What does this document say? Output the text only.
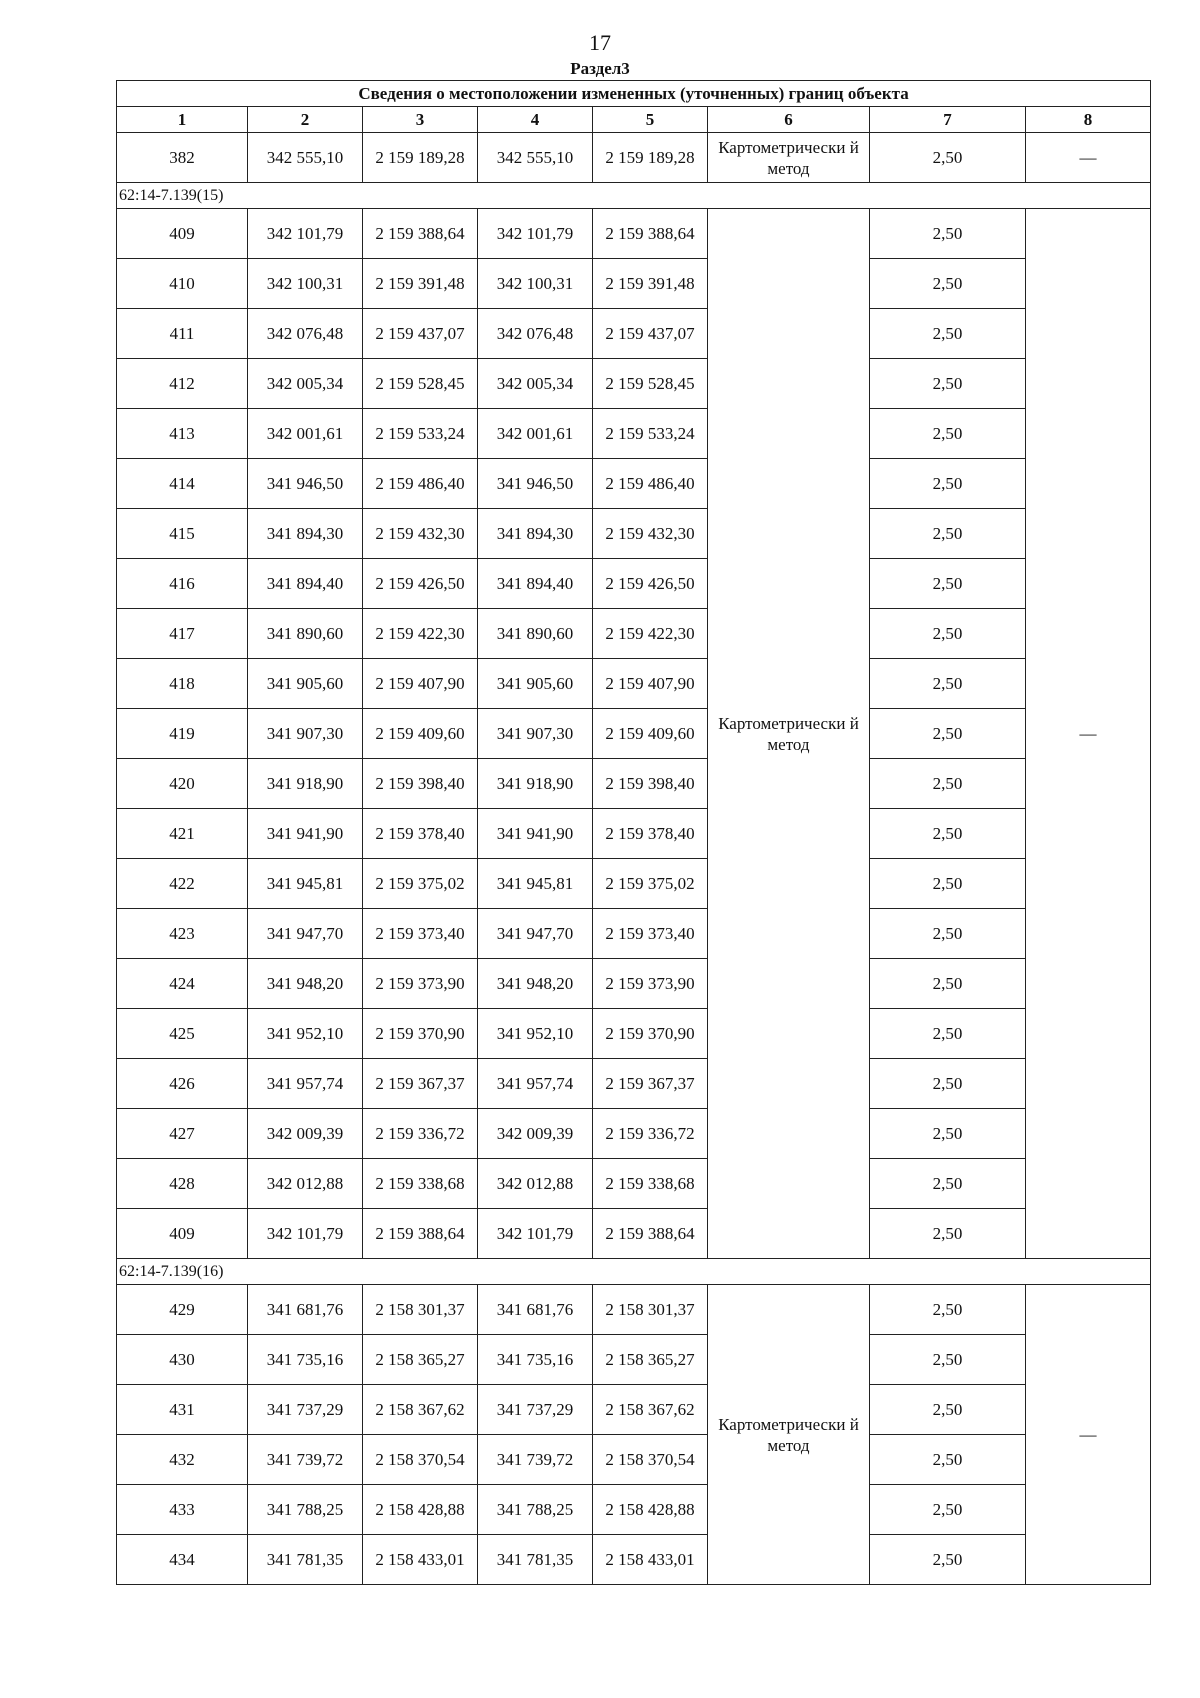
17
Раздел3
Сведения о местоположении измененных (уточненных) границ объекта							
1	2	3	4	5	6	7	8
382	342 555,10	2 159 189,28	342 555,10	2 159 189,28	Картометрически й метод	2,50	—
62:14-7.139(15)							
409	342 101,79	2 159 388,64	342 101,79	2 159 388,64	Картометрически й метод	2,50	—
410	342 100,31	2 159 391,48	342 100,31	2 159 391,48		2,50	
411	342 076,48	2 159 437,07	342 076,48	2 159 437,07		2,50	
412	342 005,34	2 159 528,45	342 005,34	2 159 528,45		2,50	
413	342 001,61	2 159 533,24	342 001,61	2 159 533,24		2,50	
414	341 946,50	2 159 486,40	341 946,50	2 159 486,40		2,50	
415	341 894,30	2 159 432,30	341 894,30	2 159 432,30		2,50	
416	341 894,40	2 159 426,50	341 894,40	2 159 426,50		2,50	
417	341 890,60	2 159 422,30	341 890,60	2 159 422,30		2,50	
418	341 905,60	2 159 407,90	341 905,60	2 159 407,90		2,50	
419	341 907,30	2 159 409,60	341 907,30	2 159 409,60		2,50	
420	341 918,90	2 159 398,40	341 918,90	2 159 398,40		2,50	
421	341 941,90	2 159 378,40	341 941,90	2 159 378,40		2,50	
422	341 945,81	2 159 375,02	341 945,81	2 159 375,02		2,50	
423	341 947,70	2 159 373,40	341 947,70	2 159 373,40		2,50	
424	341 948,20	2 159 373,90	341 948,20	2 159 373,90		2,50	
425	341 952,10	2 159 370,90	341 952,10	2 159 370,90		2,50	
426	341 957,74	2 159 367,37	341 957,74	2 159 367,37		2,50	
427	342 009,39	2 159 336,72	342 009,39	2 159 336,72		2,50	
428	342 012,88	2 159 338,68	342 012,88	2 159 338,68		2,50	
409	342 101,79	2 159 388,64	342 101,79	2 159 388,64		2,50	
62:14-7.139(16)							
429	341 681,76	2 158 301,37	341 681,76	2 158 301,37	Картометрически й метод	2,50	—
430	341 735,16	2 158 365,27	341 735,16	2 158 365,27		2,50	
431	341 737,29	2 158 367,62	341 737,29	2 158 367,62		2,50	
432	341 739,72	2 158 370,54	341 739,72	2 158 370,54		2,50	
433	341 788,25	2 158 428,88	341 788,25	2 158 428,88		2,50	
434	341 781,35	2 158 433,01	341 781,35	2 158 433,01		2,50	
